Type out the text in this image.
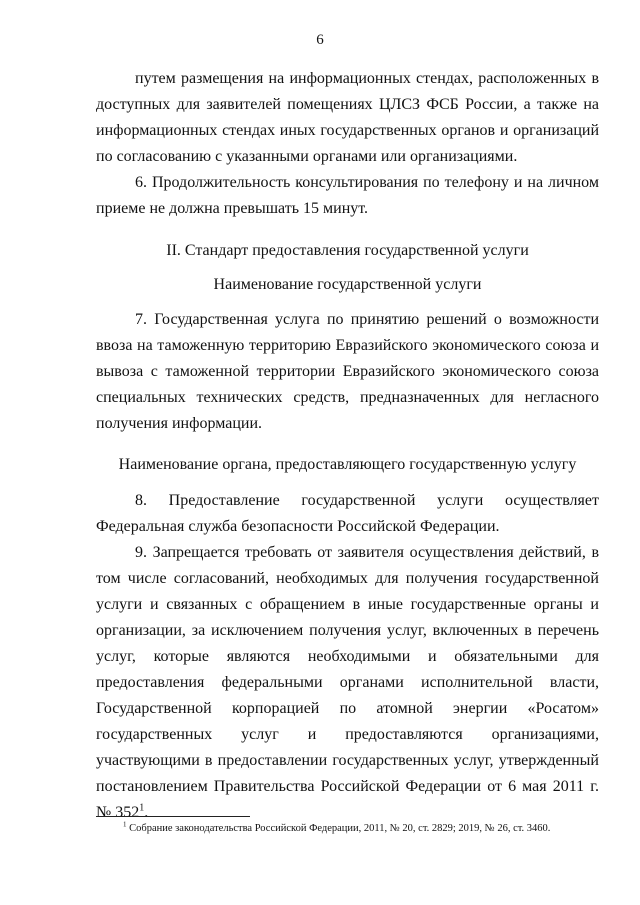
6

путем размещения на информационных стендах, расположенных в доступных для заявителей помещениях ЦЛСЗ ФСБ России, а также на информационных стендах иных государственных органов и организаций по согласованию с указанными органами или организациями.

6. Продолжительность консультирования по телефону и на личном приеме не должна превышать 15 минут.

II. Стандарт предоставления государственной услуги

Наименование государственной услуги

7. Государственная услуга по принятию решений о возможности ввоза на таможенную территорию Евразийского экономического союза и вывоза с таможенной территории Евразийского экономического союза специальных технических средств, предназначенных для негласного получения информации.

Наименование органа, предоставляющего государственную услугу

8. Предоставление государственной услуги осуществляет Федеральная служба безопасности Российской Федерации.

9. Запрещается требовать от заявителя осуществления действий, в том числе согласований, необходимых для получения государственной услуги и связанных с обращением в иные государственные органы и организации, за исключением получения услуг, включенных в перечень услуг, которые являются необходимыми и обязательными для предоставления федеральными органами исполнительной власти, Государственной корпорацией по атомной энергии «Росатом» государственных услуг и предоставляются организациями, участвующими в предоставлении государственных услуг, утвержденный постановлением Правительства Российской Федерации от 6 мая 2011 г. № $352^1$.

$^1$ Собрание законодательства Российской Федерации, 2011, № 20, ст. 2829; 2019, № 26, ст. 3460.
